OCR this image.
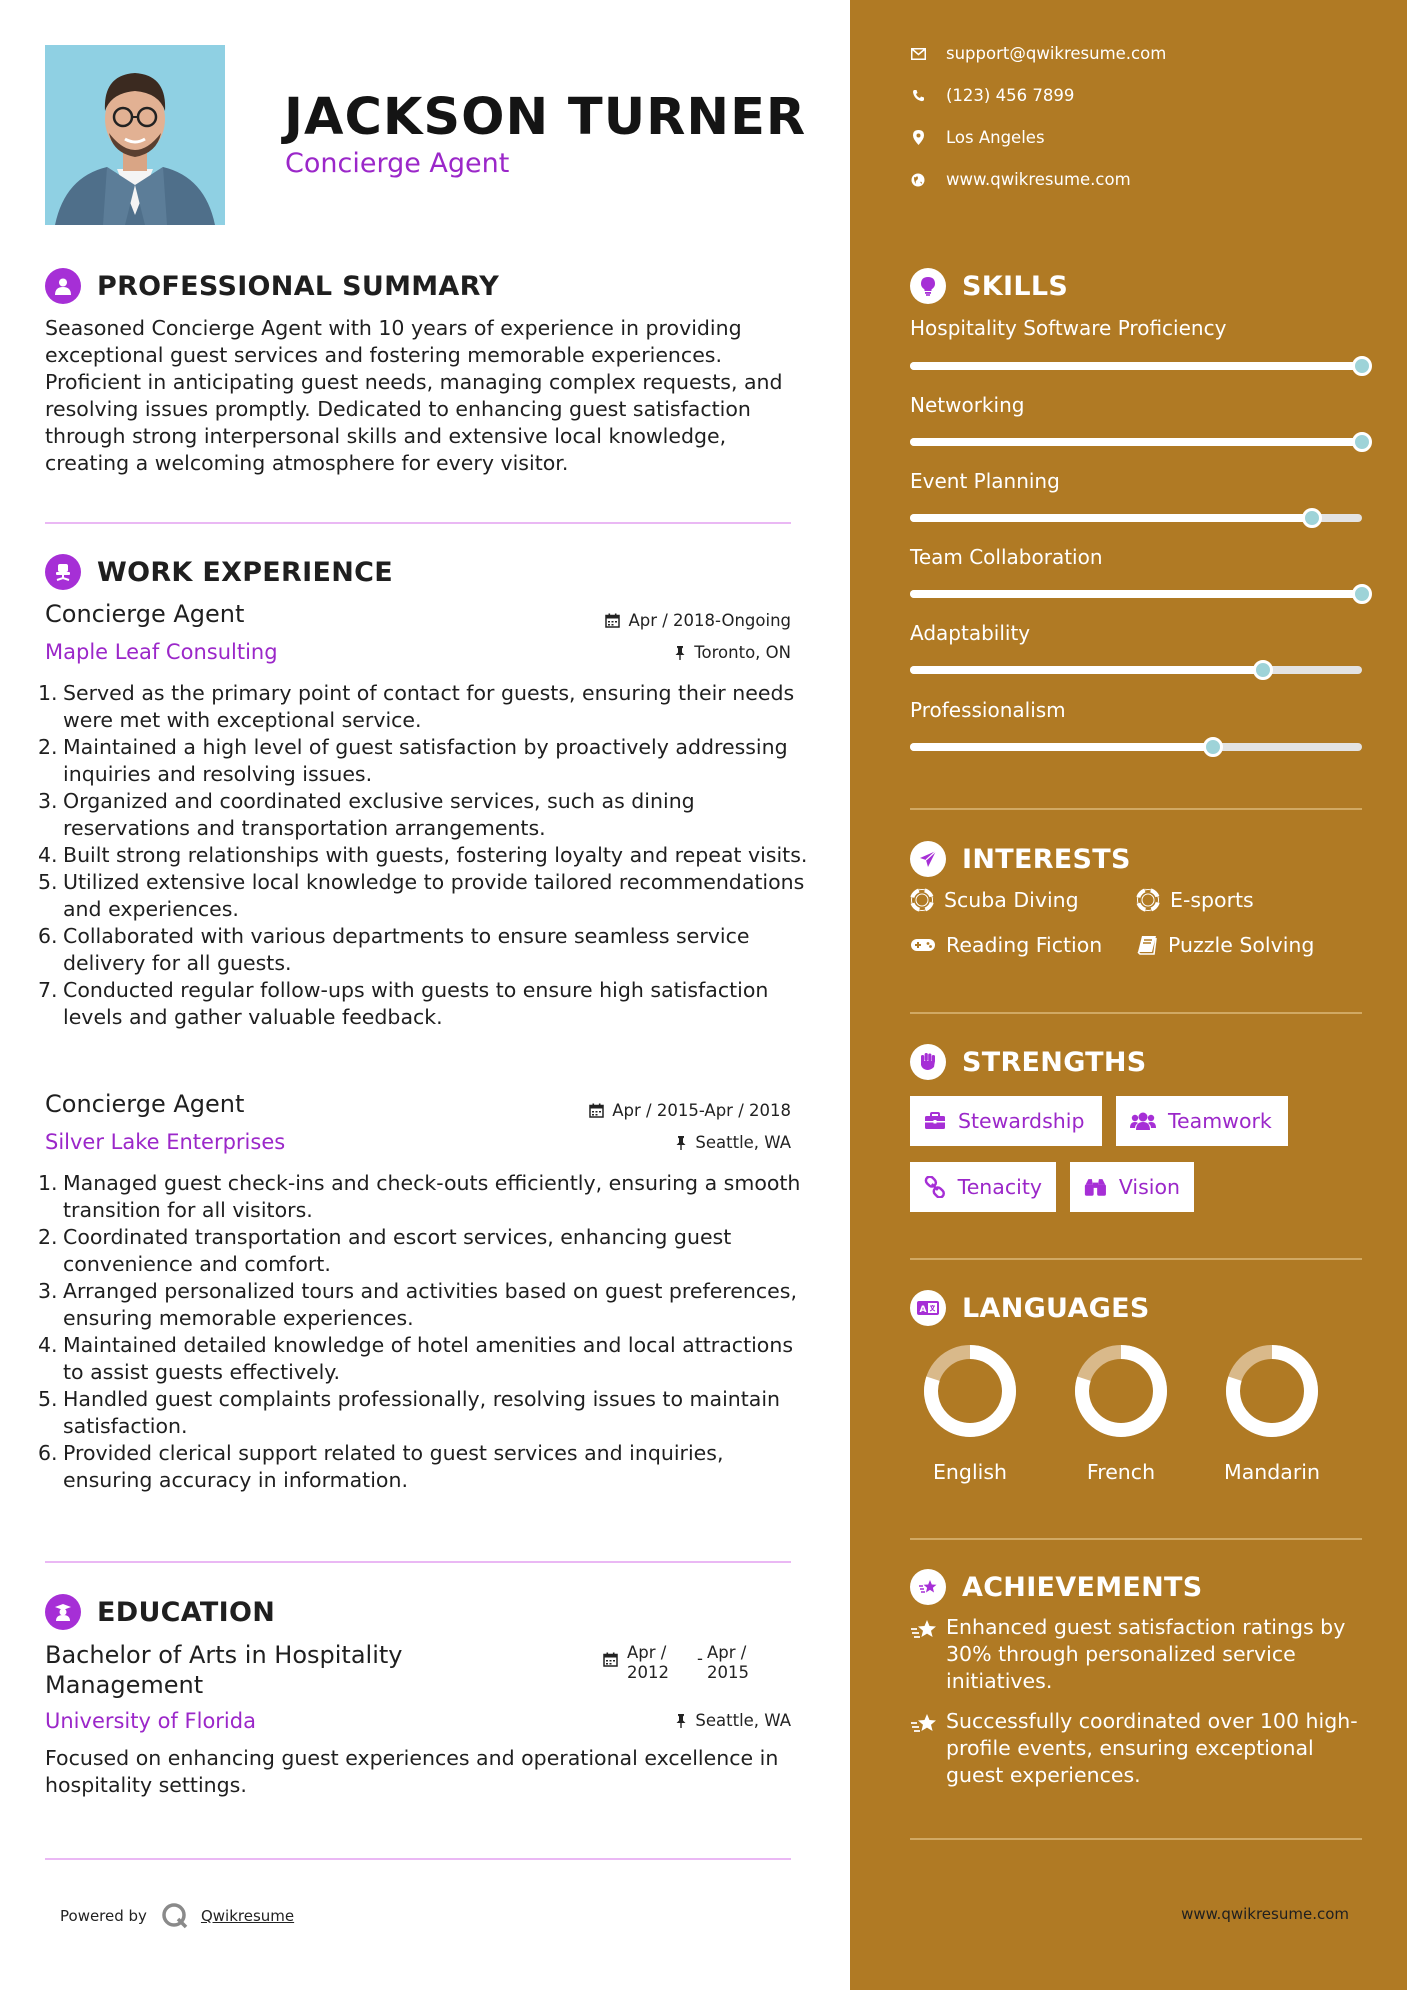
JACKSON TURNER
Concierge Agent
PROFESSIONAL SUMMARY

Seasoned Concierge Agent with 10 years of experience in providing exceptional guest services and fostering memorable experiences. Proficient in anticipating guest needs, managing complex requests, and resolving issues promptly. Dedicated to enhancing guest satisfaction through strong interpersonal skills and extensive local knowledge, creating a welcoming atmosphere for every visitor.

WORK EXPERIENCE
Concierge Agent	Apr / 2018-Ongoing
Maple Leaf Consulting	Toronto, ON
1. Served as the primary point of contact for guests, ensuring their needs were met with exceptional service.
2. Maintained a high level of guest satisfaction by proactively addressing inquiries and resolving issues.
3. Organized and coordinated exclusive services, such as dining reservations and transportation arrangements.
4. Built strong relationships with guests, fostering loyalty and repeat visits.
5. Utilized extensive local knowledge to provide tailored recommendations and experiences.
6. Collaborated with various departments to ensure seamless service delivery for all guests.
7. Conducted regular follow-ups with guests to ensure high satisfaction levels and gather valuable feedback.
Concierge Agent	Apr / 2015-Apr / 2018
Silver Lake Enterprises	Seattle, WA
1. Managed guest check-ins and check-outs efficiently, ensuring a smooth transition for all visitors.
2. Coordinated transportation and escort services, enhancing guest convenience and comfort.
3. Arranged personalized tours and activities based on guest preferences, ensuring memorable experiences.
4. Maintained detailed knowledge of hotel amenities and local attractions to assist guests effectively.
5. Handled guest complaints professionally, resolving issues to maintain satisfaction.
6. Provided clerical support related to guest services and inquiries, ensuring accuracy in information.
EDUCATION
Bachelor of Arts in Hospitality Management
Apr / 2012
- Apr / 2015
University of Florida	Seattle, WA

Focused on enhancing guest experiences and operational excellence in hospitality settings.

Powered by	Qwikresume
support@qwikresume.com
(123) 456 7899
Los Angeles
www.qwikresume.com
SKILLS
Hospitality Software Proficiency
Networking
Event Planning
Team Collaboration
Adaptability
Professionalism
INTERESTS
Scuba Diving	E-sports
Reading Fiction	Puzzle Solving
STRENGTHS
Stewardship	Teamwork
Tenacity	Vision
A LANGUAGES
English	French	Mandarin
ACHIEVEMENTS
Enhanced guest satisfaction ratings by 30% through personalized service initiatives.
Successfully coordinated over 100 high-profile events, ensuring exceptional guest experiences.
www.qwikresume.com
